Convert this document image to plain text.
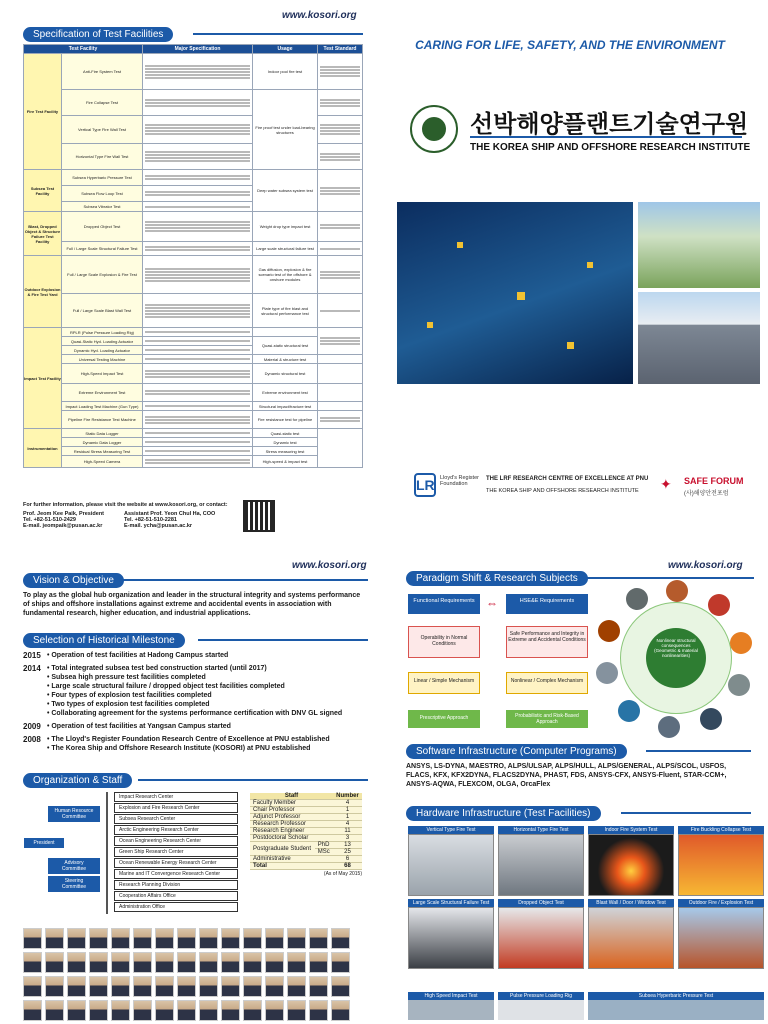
www.kosori.org
Specification of Test Facilities
Test Facility		Major Specification	Usage	Test Standard
Fire Test Facility	Anti-Fire System Test		Indoor pool fire test	

	Fire Collapse Test		Fire proof test under load-bearing structures	

	Vertical Type Fire Wall Test		

	Horizontal Type Fire Wall Test		

Subsea Test Facility	Subsea Hyperbaric Pressure Test		Deep water subsea system test	

	Subsea Flow Loop Test			

	Subsea Vibrator Test			

Blast, Dropped Object & Structure Failure Test Facility	Dropped Object Test		Weight drop type impact test	

	Full / Large Scale Structural Failure Test		Large scale structural failure test	

Outdoor Explosion & Fire Test Yard	Full / Large Scale Explosion & Fire Test		Gas diffusion, explosion & fire scenario test of the offshore & onshore modules	

	Full / Large Scale Blast Wall Test		Plate type of fire blast and structural performance test	

Impact Test Facility	RPLR (Pulse Pressure Loading Rig)	

	Quasi-Static Hyd. Loading Actuator		Quasi-static structural test	
	Dynamic Hyd. Loading Actuator			

	Universal Testing Machine		Material & structure test	
	High-Speed Impact Test		Dynamic structural test	
	Extreme Environment Test		Extreme environment test	
	Impact Loading Test Machine (Gun Type)		Structural impact/fracture test	
	Pipeline Fire Resistance Test Machine		Fire resistance test for pipeline	

Instrumentation	Static Data Logger		Quasi-static test	
	Dynamic Data Logger		Dynamic test	
	Residual Stress Measuring Test		Stress measuring test	
	High-Speed Camera		High-speed & impact test	
For further information, please visit the website at www.kosori.org, or contact:
Prof. Jeom Kee Paik, President
Tel. +82-51-510-2429
E-mail. jeompaik@pusan.ac.kr
Assistant Prof. Yeon Chul Ha, COO
Tel. +82-51-510-2281
E-mail. ycha@pusan.ac.kr
CARING FOR LIFE, SAFETY, AND THE ENVIRONMENT
선박해양플랜트기술연구원
THE KOREA SHIP AND OFFSHORE RESEARCH INSTITUTE
LR Lloyd's Register Foundation
THE LRF RESEARCH CENTRE OF EXCELLENCE AT PNU
THE KOREA SHIP AND OFFSHORE RESEARCH INSTITUTE ✦ SAFE FORUM
(사)해양안전포럼
www.kosori.org
Vision & Objective
To play as the global hub organization and leader in the structural integrity and systems performance of ships and offshore installations against extreme and accidental events in association with fundamental research, higher education, and industrial applications.
Selection of Historical Milestone
2015 • Operation of test facilities at Hadong Campus started
2014 • Total integrated subsea test bed construction started (until 2017)
• Subsea high pressure test facilities completed
• Large scale structural failure / dropped object test facilities completed
• Four types of explosion test facilities completed
• Two types of explosion test facilities completed
• Collaborating agreement for the systems performance certification with DNV GL signed
2009 • Operation of test facilities at Yangsan Campus started
2008 • The Lloyd's Register Foundation Research Centre of Excellence at PNU established
• The Korea Ship and Offshore Research Institute (KOSORI) at PNU established
Organization & Staff
Human Resource Committee
President
Advisory Committee
Steering Committee
Impact Research Center
Explosion and Fire Research Center
Subsea Research Center
Arctic Engineering Research Center
Ocean Engineering Research Center
Green Ship Research Center
Ocean Renewable Energy Research Center
Marine and IT Convergence Research Center
Research Planning Division
Cooperation Affairs Office
Administration Office
Staff		Number
Faculty Member		4
Chair Professor		1
Adjunct Professor		1
Research Professor		4
Research Engineer		11
Postdoctoral Scholar		3
Postgraduate Student	PhD	13
	MSc	25
Administrative		6
Total		68
(As of May 2015)
www.kosori.org
Paradigm Shift & Research Subjects
Functional Requirements ⇔	HSE&E Requirements
Operability in Normal Conditions
Safe Performance and Integrity in Extreme and Accidental Conditions
Linear / Simple Mechanism	Nonlinear / Complex Mechanism
Prescriptive Approach	Probabilistic and Risk-Based Approach
Nonlinear structural consequences (Geometric & material nonlinearities)
Software Infrastructure (Computer Programs)
ANSYS, LS-DYNA, MAESTRO, ALPS/ULSAP, ALPS/HULL, ALPS/GENERAL, ALPS/SCOL, USFOS, FLACS, KFX, KFX2DYNA, FLACS2DYNA, PHAST, FDS, ANSYS-CFX, ANSYS-Fluent, STAR-CCM+, ANSYS-AQWA, FLEXCOM, OLGA, OrcaFlex
Hardware Infrastructure (Test Facilities)
Vertical Type Fire Test	Horizontal Type Fire Test	Indoor Fire System Test	Fire Buckling Collapse Test
Large Scale Structural Failure Test	Dropped Object Test	Blast Wall / Door / Window Test	Outdoor Fire / Explosion Test
High Speed Impact Test	Pulse Pressure Loading Rig	Subsea Hyperbaric Pressure Test
